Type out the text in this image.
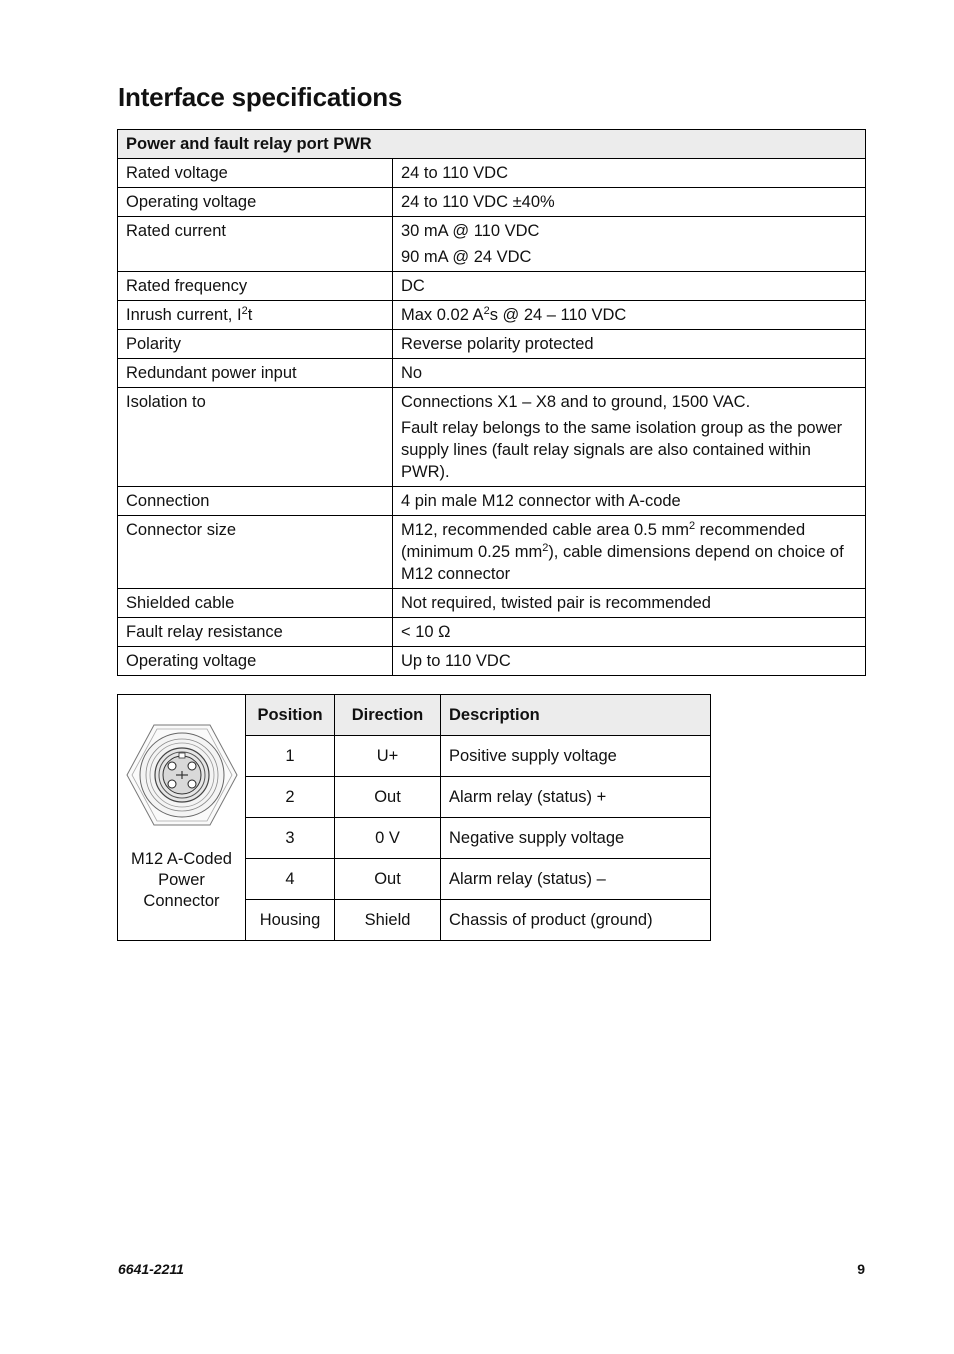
Interface specifications
Power and fault relay port PWR	
Rated voltage	24 to 110 VDC

Operating voltage	24 to 110 VDC ±40%

Rated current	30 mA @ 110 VDC

90 mA @ 24 VDC

Rated frequency	DC

Inrush current, $I^2t$	Max 0.02 $A^2s$ @ 24 – 110 VDC
Polarity	Reverse polarity protected

Redundant power input	No

Isolation to	Connections X1 – X8 and to ground, 1500 VAC.

Fault relay belongs to the same isolation group as the power supply lines (fault relay signals are also contained within PWR).

Connection	4 pin male M12 connector with A-code

Connector size	M12, recommended cable area 0.5 $mm^2$ recommended (minimum 0.25 $mm^2$), cable dimensions depend on choice of M12 connector
Shielded cable	Not required, twisted pair is recommended

Fault relay resistance	< 10 Ω

Operating voltage	Up to 110 VDC

M12 A-Coded Power Connector	Position	Direction	Description
	1	U+	Positive supply voltage
	2	Out	Alarm relay (status) +
	3	0 V	Negative supply voltage
	4	Out	Alarm relay (status) –
	Housing	Shield	Chassis of product (ground)
6641-2211	9
